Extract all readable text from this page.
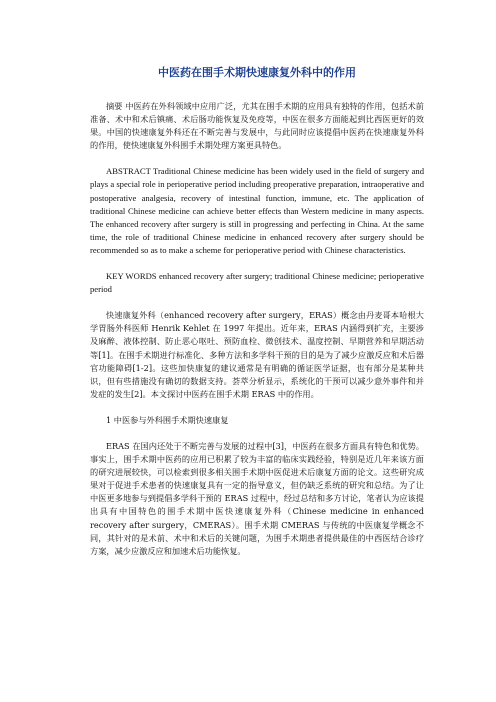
中医药在围手术期快速康复外科中的作用

摘要 中医药在外科领域中应用广泛，尤其在围手术期的应用具有独特的作用，包括术前准备、术中和术后镇痛、术后肠功能恢复及免疫等，中医在很多方面能起到比西医更好的效果。中国的快速康复外科还在不断完善与发展中，与此同时应该提倡中医药在快速康复外科的作用，使快速康复外科围手术期处理方案更具特色。

ABSTRACT Traditional Chinese medicine has been widely used in the field of surgery and plays a special role in perioperative period including preoperative preparation, intraoperative and postoperative analgesia, recovery of intestinal function, immune, etc. The application of traditional Chinese medicine can achieve better effects than Western medicine in many aspects. The enhanced recovery after surgery is still in progressing and perfecting in China. At the same time, the role of traditional Chinese medicine in enhanced recovery after surgery should be recommended so as to make a scheme for perioperative period with Chinese characteristics.

KEY WORDS enhanced recovery after surgery; traditional Chinese medicine; perioperative period

快速康复外科（enhanced recovery after surgery，ERAS）概念由丹麦哥本哈根大学胃肠外科医师 Henrik Kehlet 在 1997 年提出。近年来，ERAS 内涵得到扩充，主要涉及麻醉、液体控制、防止恶心呕吐、预防血栓、微创技术、温度控制、早期营养和早期活动等[1]。在围手术期进行标准化、多种方法和多学科干预的目的是为了减少应激反应和术后器官功能障碍[1-2]。这些加快康复的建议通常是有明确的循证医学证据，也有部分是某种共识，但有些措施没有确切的数据支持。荟萃分析显示，系统化的干预可以减少意外事件和并发症的发生[2]。本文探讨中医药在围手术期 ERAS 中的作用。

1 中医参与外科围手术期快速康复

ERAS 在国内还处于不断完善与发展的过程中[3]，中医药在很多方面具有特色和优势。事实上，围手术期中医药的应用已积累了较为丰富的临床实践经验，特别是近几年来该方面的研究进展较快，可以检索到很多相关围手术期中医促进术后康复方面的论文。这些研究成果对于促进手术患者的快速康复具有一定的指导意义，但仍缺乏系统的研究和总结。为了让中医更多地参与到提倡多学科干预的 ERAS 过程中，经过总结和多方讨论，笔者认为应该提出具有中国特色的围手术期中医快速康复外科（Chinese medicine in enhanced recovery after surgery，CMERAS）。围手术期 CMERAS 与传统的中医康复学概念不同，其针对的是术前、术中和术后的关键问题，为围手术期患者提供最佳的中西医结合诊疗方案，减少应激反应和加速术后功能恢复。
